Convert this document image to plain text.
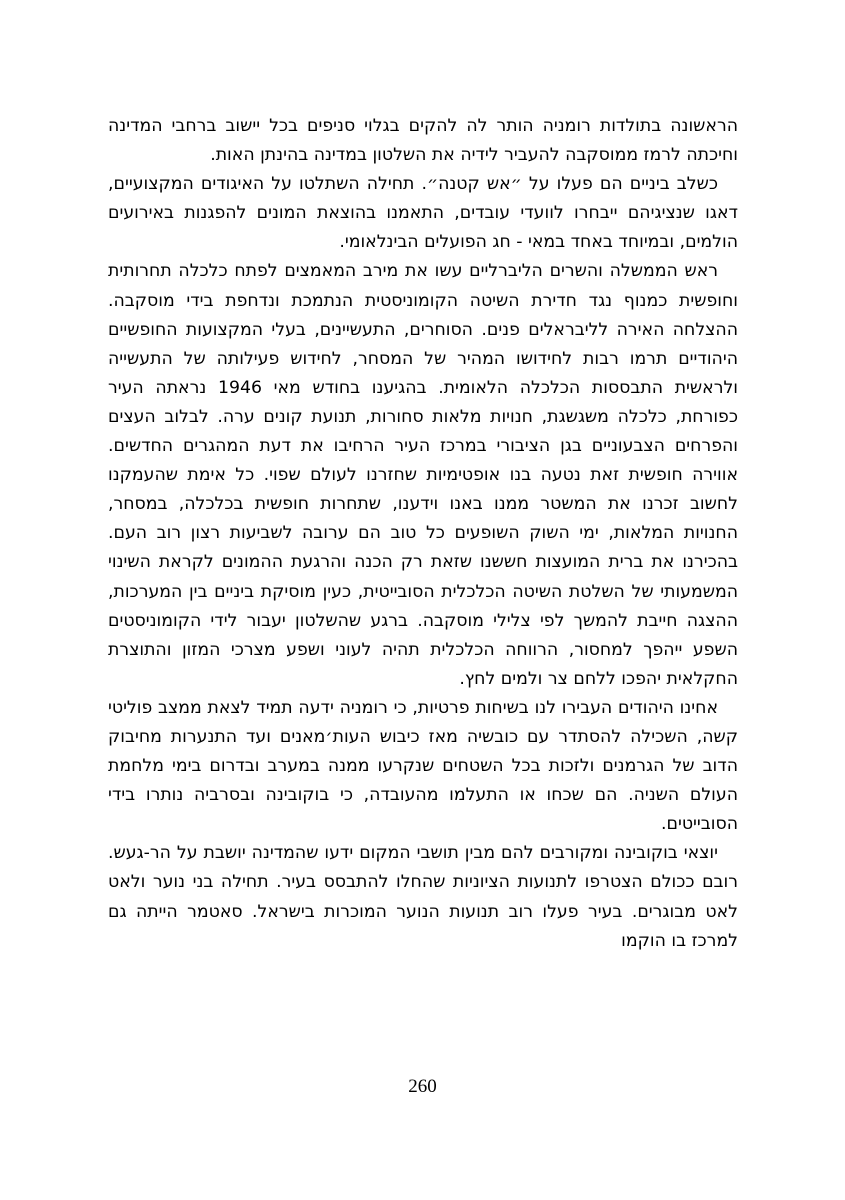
הראשונה בתולדות רומניה הותר לה להקים בגלוי סניפים בכל יישוב ברחבי המדינה וחיכתה לרמז ממוסקבה להעביר לידיה את השלטון במדינה בהינתן האות.

כשלב ביניים הם פעלו על ״אש קטנה״. תחילה השתלטו על האיגודים המקצועיים, דאגו שנציגיהם ייבחרו לוועדי עובדים, התאמנו בהוצאת המונים להפגנות באירועים הולמים, ובמיוחד באחד במאי - חג הפועלים הבינלאומי.

ראש הממשלה והשרים הליברליים עשו את מירב המאמצים לפתח כלכלה תחרותית וחופשית כמנוף נגד חדירת השיטה הקומוניסטית הנתמכת ונדחפת בידי מוסקבה. ההצלחה האירה לליבראלים פנים. הסוחרים, התעשיינים, בעלי המקצועות החופשיים היהודיים תרמו רבות לחידושו המהיר של המסחר, לחידוש פעילותה של התעשייה ולראשית התבססות הכלכלה הלאומית. בהגיענו בחודש מאי 1946 נראתה העיר כפורחת, כלכלה משגשגת, חנויות מלאות סחורות, תנועת קונים ערה. לבלוב העצים והפרחים הצבעוניים בגן הציבורי במרכז העיר הרחיבו את דעת המהגרים החדשים. אווירה חופשית זאת נטעה בנו אופטימיות שחזרנו לעולם שפוי. כל אימת שהעמקנו לחשוב זכרנו את המשטר ממנו באנו וידענו, שתחרות חופשית בכלכלה, במסחר, החנויות המלאות, ימי השוק השופעים כל טוב הם ערובה לשביעות רצון רוב העם. בהכירנו את ברית המועצות חששנו שזאת רק הכנה והרגעת ההמונים לקראת השינוי המשמעותי של השלטת השיטה הכלכלית הסובייטית, כעין מוסיקת ביניים בין המערכות, ההצגה חייבת להמשך לפי צלילי מוסקבה. ברגע שהשלטון יעבור לידי הקומוניסטים השפע ייהפך למחסור, הרווחה הכלכלית תהיה לעוני ושפע מצרכי המזון והתוצרת החקלאית יהפכו ללחם צר ולמים לחץ.

אחינו היהודים העבירו לנו בשיחות פרטיות, כי רומניה ידעה תמיד לצאת ממצב פוליטי קשה, השכילה להסתדר עם כובשיה מאז כיבוש העות׳מאנים ועד התנערות מחיבוק הדוב של הגרמנים ולזכות בכל השטחים שנקרעו ממנה במערב ובדרום בימי מלחמת העולם השניה. הם שכחו או התעלמו מהעובדה, כי בוקובינה ובסרביה נותרו בידי הסובייטים.

יוצאי בוקובינה ומקורבים להם מבין תושבי המקום ידעו שהמדינה יושבת על הר-געש. רובם ככולם הצטרפו לתנועות הציוניות שהחלו להתבסס בעיר. תחילה בני נוער ולאט לאט מבוגרים. בעיר פעלו רוב תנועות הנוער המוכרות בישראל. סאטמר הייתה גם למרכז בו הוקמו

260
